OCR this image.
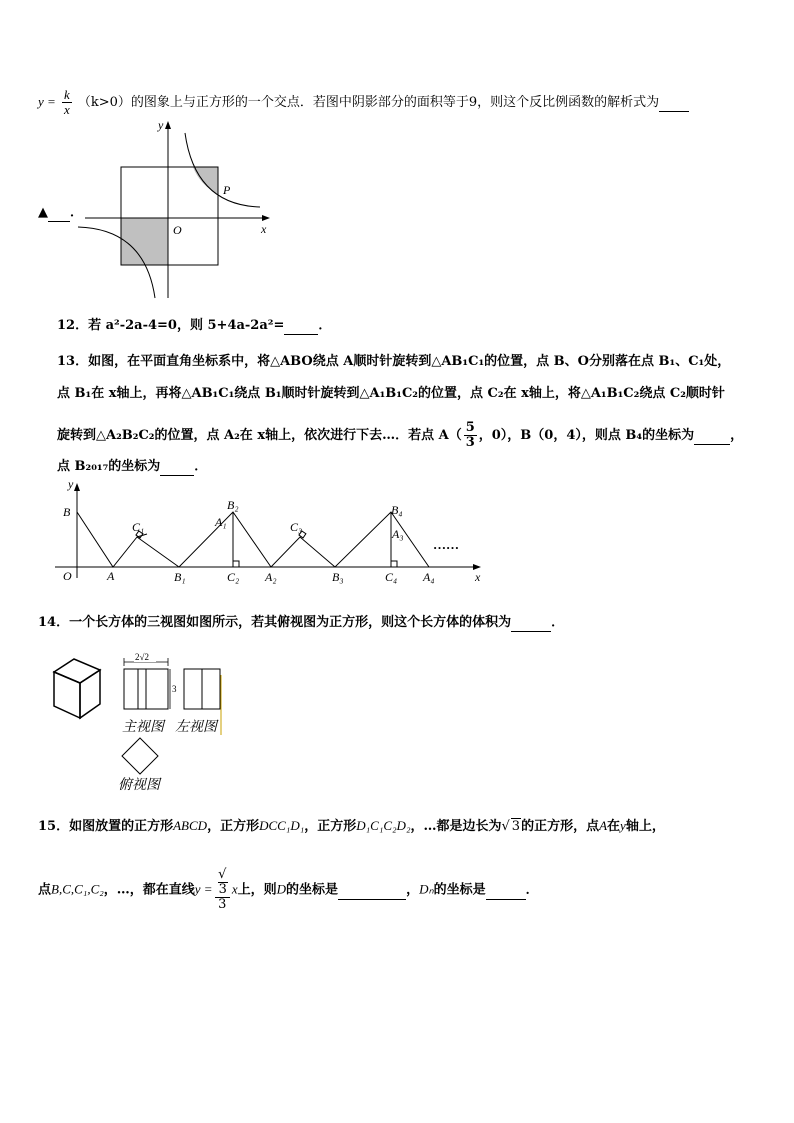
$y = \frac{k}{x} (k>0)$的图象上与正方形的一个交点．若图中阴影部分的面积等于9，则这个反比例函数的解析式为
▲ ．
y
x
O
P
12．若 a²-2a-4=0，则 5+4a-2a²=	．
13．如图，在平面直角坐标系中，将△ABO绕点 A顺时针旋转到△AB₁C₁的位置，点 B、O分别落在点 B₁、C₁处，
点 B₁在 x轴上，再将△AB₁C₁绕点 B₁顺时针旋转到△A₁B₁C₂的位置，点 C₂在 x轴上，将△A₁B₁C₂绕点 C₂顺时针
旋转到△A₂B₂C₂的位置，点 A₂在 x轴上，依次进行下去…．若点 $A( \frac{5}{3}$ ，0），B（0，4），则点 B₄的坐标为	，
点 B₂₀₁₇的坐标为	．
y
x
O
B
A
C₁
B₁
A₁
B₂
C₂ A₂
C₃
B₃
B₄
A₃
C₄ A₄
……
14．一个长方体的三视图如图所示，若其俯视图为正方形，则这个长方体的体积为	．
2√2
3
主视图 左视图
俯视图
15．如图放置的正方形ABCD，正方形DCC₁D₁，正方形D₁C₁C₂D₂，…都是边长为√ 3的正方形，点A在y轴上，
点B,C,C₁,C₂，…，都在直线y = √
3
3 x上，则D的坐标是	，Dₙ的坐标是	．
